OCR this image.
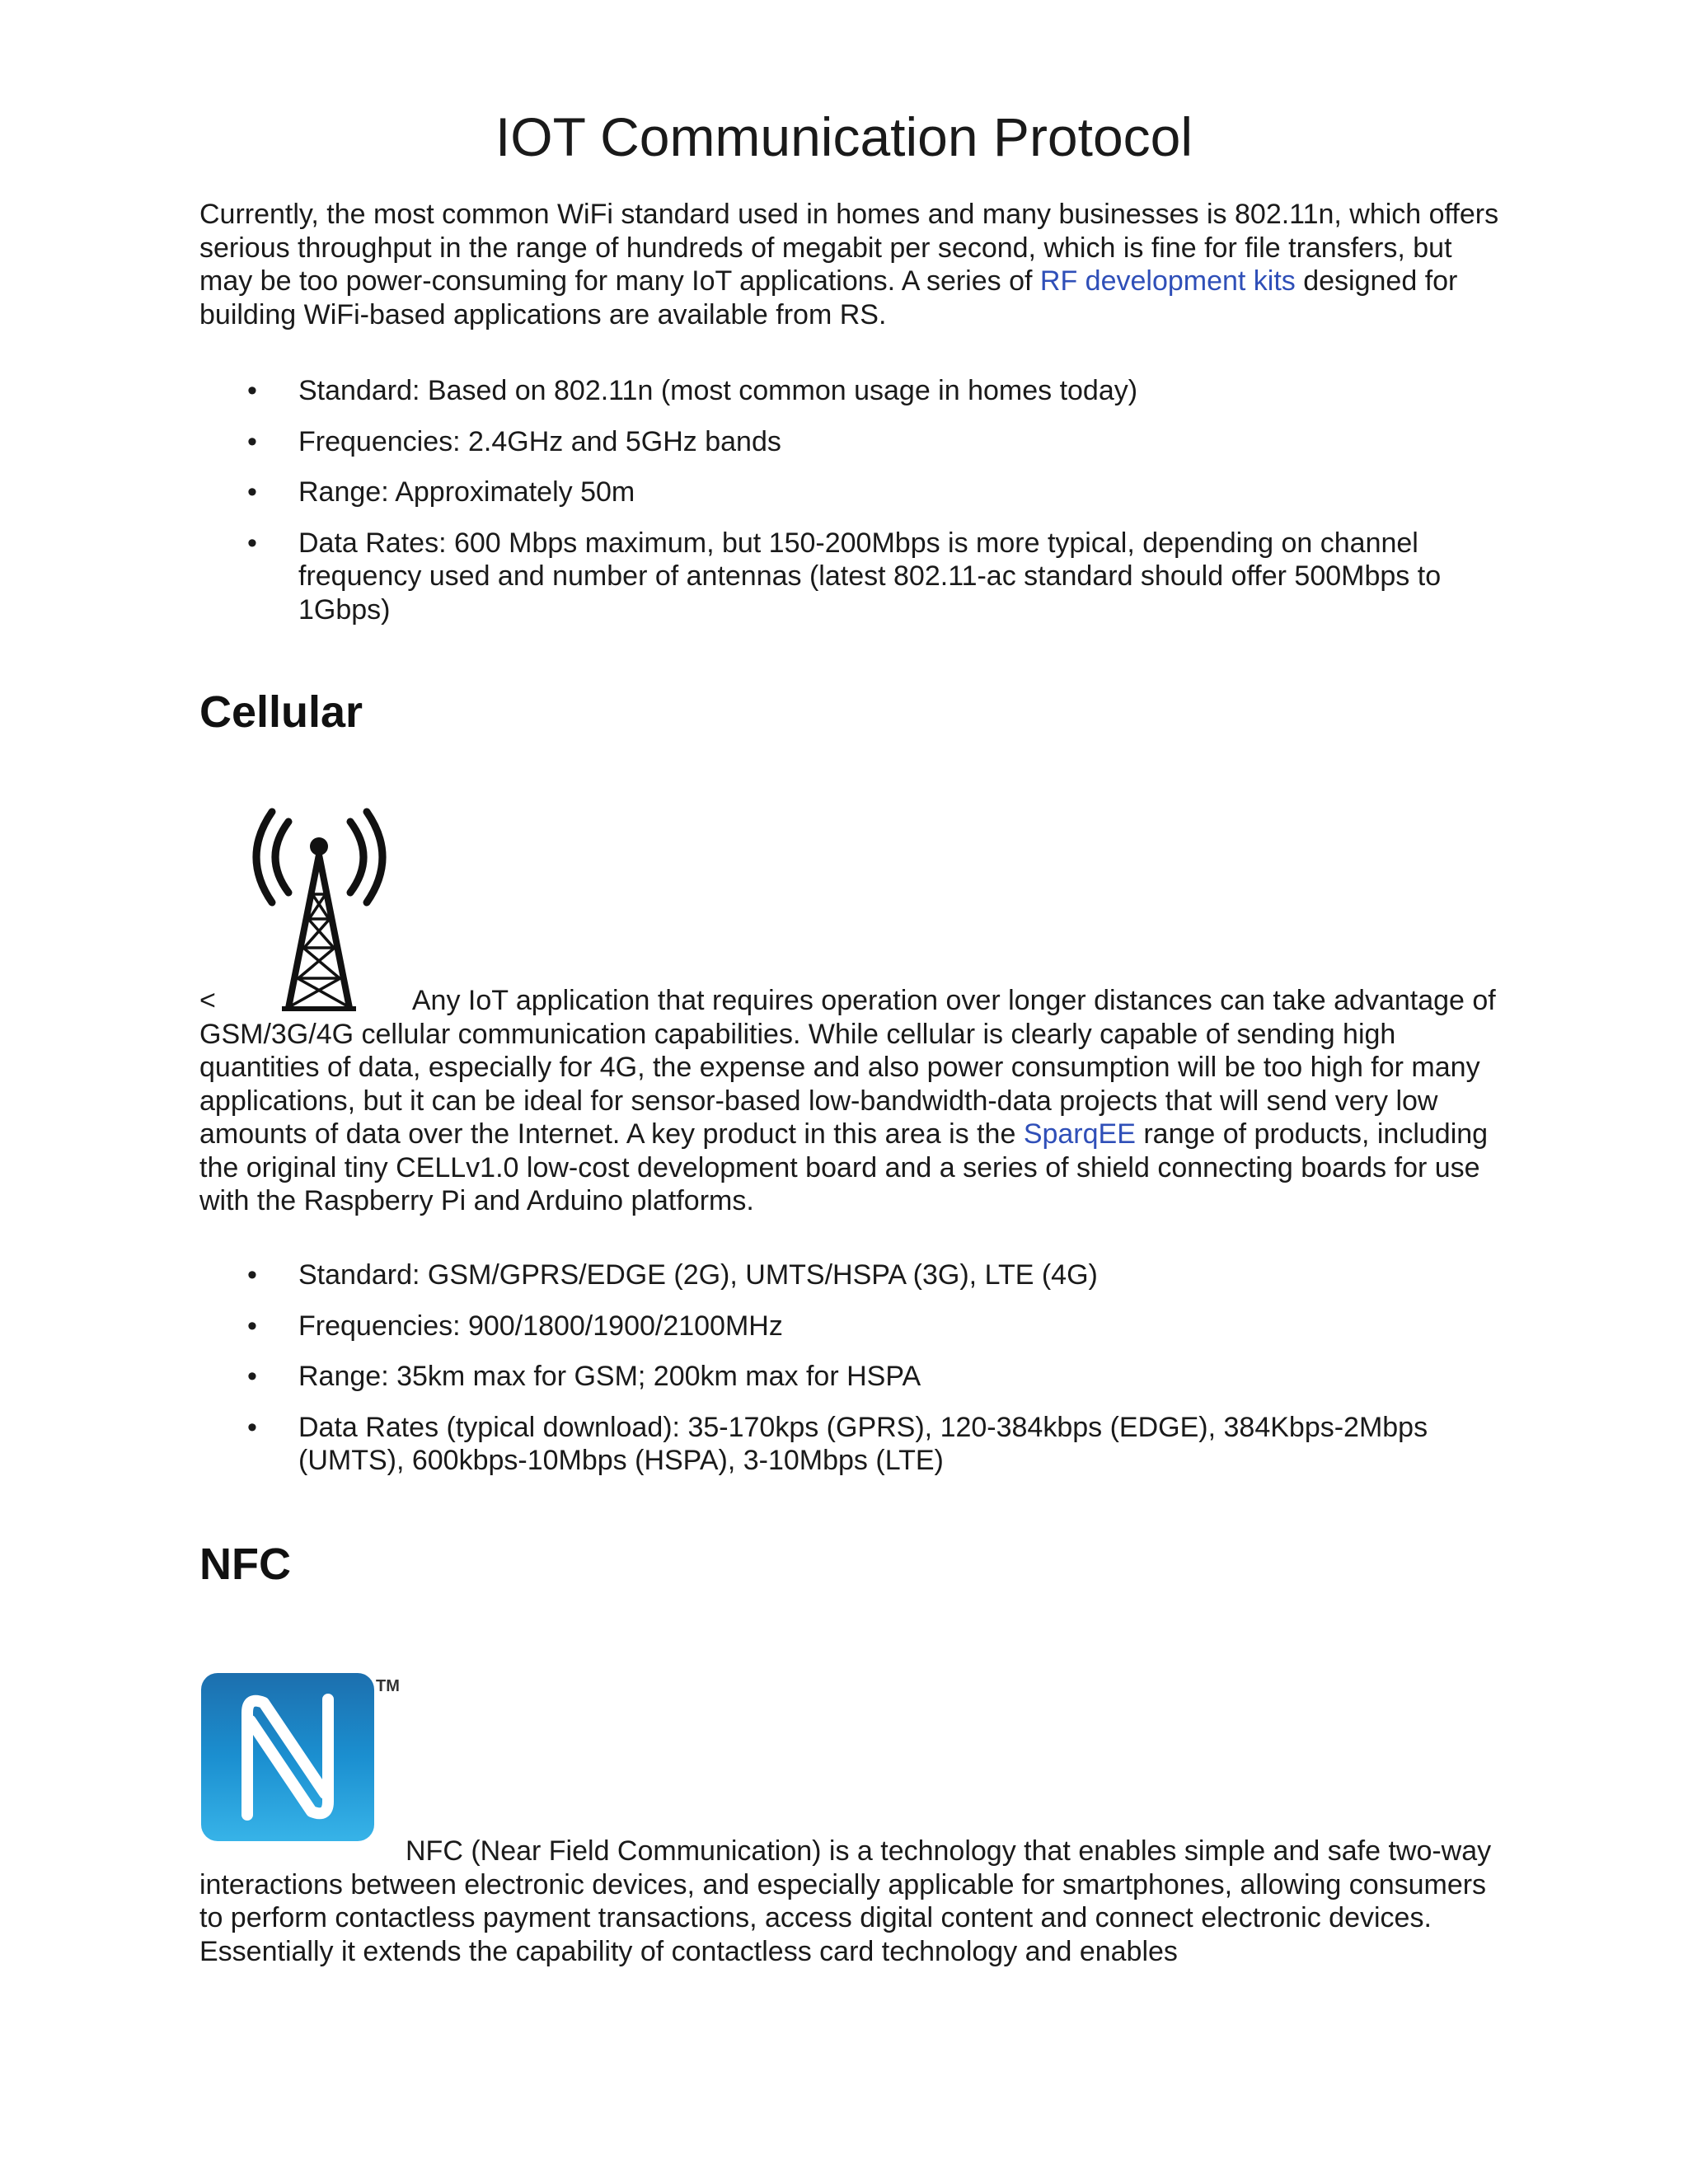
IOT Communication Protocol

Currently, the most common WiFi standard used in homes and many businesses is 802.11n, which offers serious throughput in the range of hundreds of megabit per second, which is fine for file transfers, but may be too power-consuming for many IoT applications. A series of RF development kits designed for building WiFi-based applications are available from RS.

• Standard: Based on 802.11n (most common usage in homes today)
• Frequencies: 2.4GHz and 5GHz bands
• Range: Approximately 50m
• Data Rates: 600 Mbps maximum, but 150-200Mbps is more typical, depending on channel frequency used and number of antennas (latest 802.11-ac standard should offer 500Mbps to 1Gbps)
Cellular

<	Any IoT application that requires operation over longer distances can take advantage of GSM/3G/4G cellular communication capabilities. While cellular is clearly capable of sending high quantities of data, especially for 4G, the expense and also power consumption will be too high for many applications, but it can be ideal for sensor-based low-bandwidth-data projects that will send very low amounts of data over the Internet. A key product in this area is the SparqEE range of products, including the original tiny CELLv1.0 low-cost development board and a series of shield connecting boards for use with the Raspberry Pi and Arduino platforms.

• Standard: GSM/GPRS/EDGE (2G), UMTS/HSPA (3G), LTE (4G)
• Frequencies: 900/1800/1900/2100MHz
• Range: 35km max for GSM; 200km max for HSPA
• Data Rates (typical download): 35-170kps (GPRS), 120-384kbps (EDGE), 384Kbps-2Mbps (UMTS), 600kbps-10Mbps (HSPA), 3-10Mbps (LTE)
NFC
TM

NFC (Near Field Communication) is a technology that enables simple and safe two-way interactions between electronic devices, and especially applicable for smartphones, allowing consumers to perform contactless payment transactions, access digital content and connect electronic devices. Essentially it extends the capability of contactless card technology and enables
